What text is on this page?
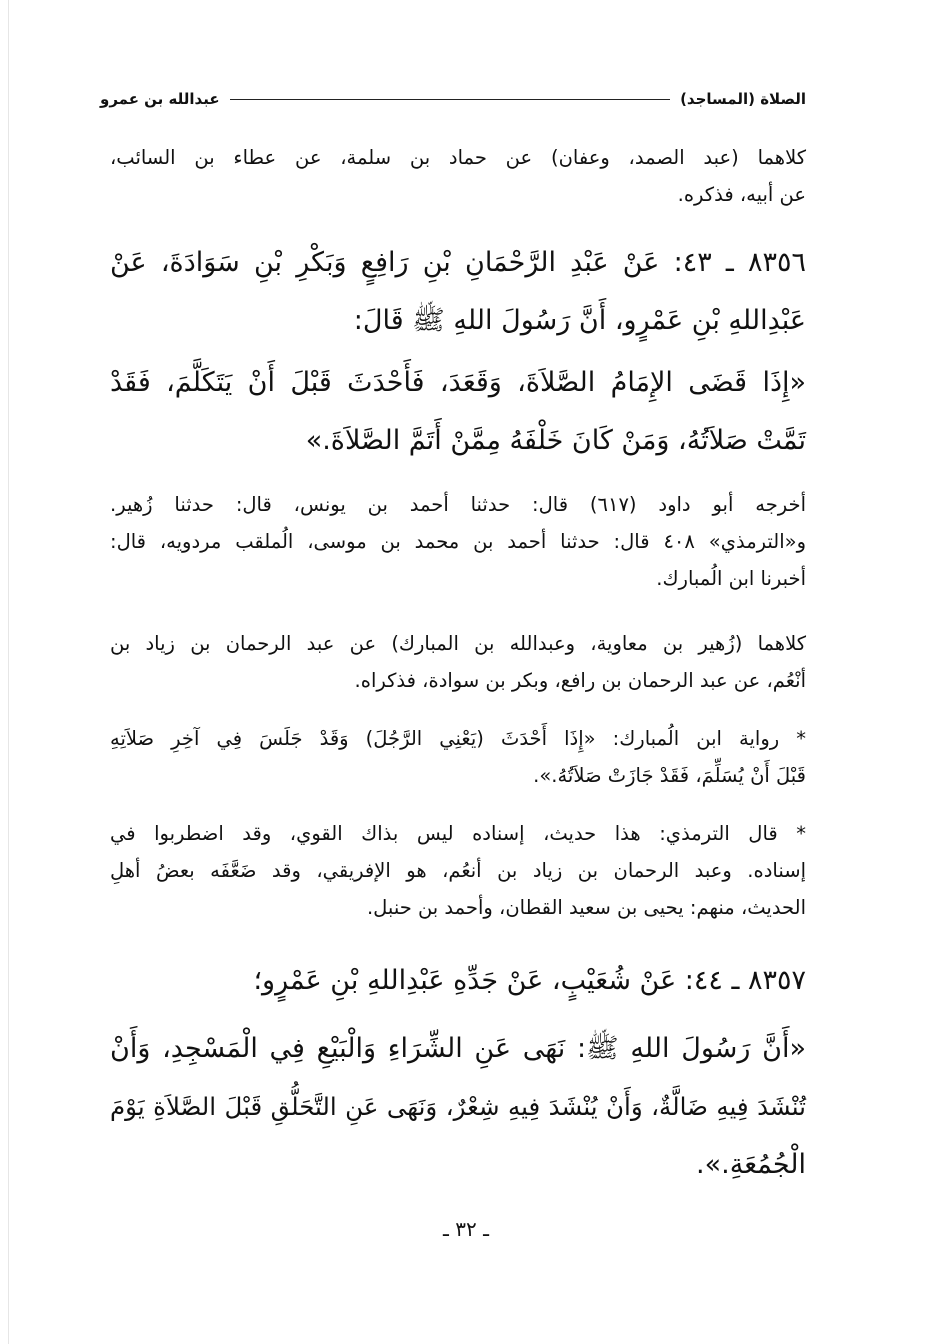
الصلاة (المساجد)
عبدالله بن عمرو
كلاهما (عبد الصمد، وعفان) عن حماد بن سلمة، عن عطاء بن السائب،
عن أبيه، فذكره.
٨٣٥٦ ـ ٤٣: عَنْ عَبْدِ الرَّحْمَانِ بْنِ رَافِعٍ وَبَكْرِ بْنِ سَوَادَةَ، عَنْ
عَبْدِاللهِ بْنِ عَمْرٍو، أَنَّ رَسُولَ اللهِ ﷺ قَالَ:
«إِذَا قَضَى الإِمَامُ الصَّلاَةَ، وَقَعَدَ، فَأَحْدَثَ قَبْلَ أَنْ يَتَكَلَّمَ، فَقَدْ
تَمَّتْ صَلاَتُهُ، وَمَنْ كَانَ خَلْفَهُ مِمَّنْ أَتَمَّ الصَّلاَةَ.»
أخرجه أبو داود (٦١٧) قال: حدثنا أحمد بن يونس، قال: حدثنا زُهير.
و«الترمذي» ٤٠٨ قال: حدثنا أحمد بن محمد بن موسى، الُملقب مردويه، قال:
أخبرنا ابن الُمبارك.
كلاهما (زُهير بن معاوية، وعبدالله بن المبارك) عن عبد الرحمان بن زياد بن
أنْعُم، عن عبد الرحمان بن رافع، وبكر بن سوادة، فذكراه.
* رواية ابن الُمبارك: «إِذَا أَحْدَثَ (يَعْنِي الرَّجُلَ) وَقَدْ جَلَسَ فِي آخِرِ صَلاَتِهِ
قَبْلَ أَنْ يُسَلِّمَ، فَقَدْ جَازَتْ صَلاَتُهُ.».
* قال الترمذي: هذا حديث، إسناده ليس بذاك القوي، وقد اضطربوا في
إسناده. وعبد الرحمان بن زياد بن أنعُم، هو الإفريقي، وقد ضَعَّفَه بعضُ أهلِ
الحديث، منهم: يحيى بن سعيد القطان، وأحمد بن حنبل.
٨٣٥٧ ـ ٤٤: عَنْ شُعَيْبٍ، عَنْ جَدِّهِ عَبْدِاللهِ بْنِ عَمْرٍو؛
«أَنَّ رَسُولَ اللهِ ﷺ: نَهَى عَنِ الشِّرَاءِ وَالْبَيْعِ فِي الْمَسْجِدِ، وَأَنْ
تُنْشَدَ فِيهِ ضَالَّةٌ، وَأَنْ يُنْشَدَ فِيهِ شِعْرٌ، وَنَهَى عَنِ التَّحَلُّقِ قَبْلَ الصَّلاَةِ يَوْمَ
الْجُمُعَةِ.».
ـ ٣٢ ـ
